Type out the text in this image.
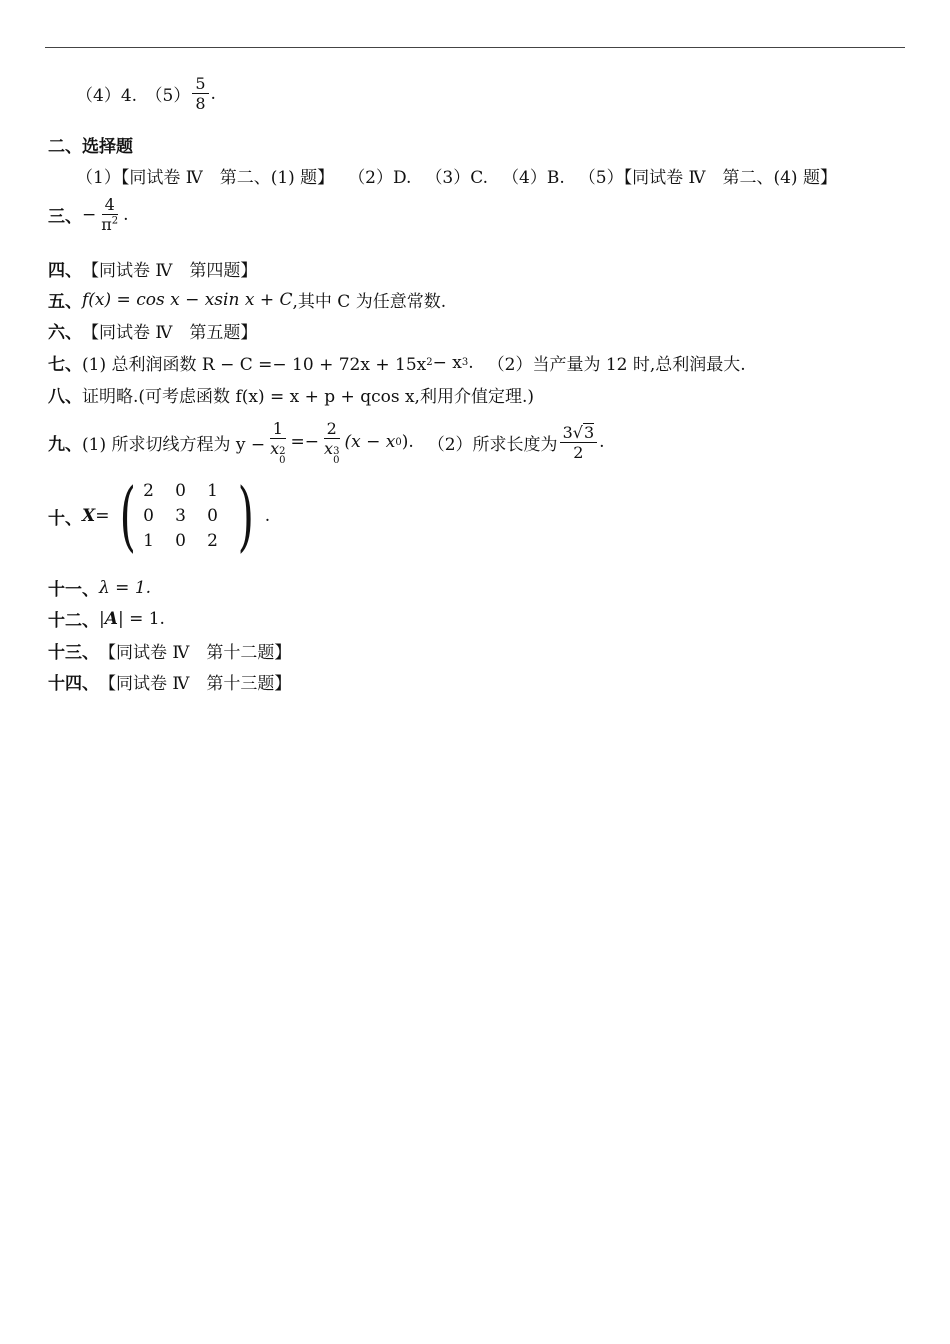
（4）4.　$(5) \frac{5}{8}$ .
二、选择题
（1）【同试卷 Ⅳ　第二、(1) 题】 （2）D. （3）C. （4）B. （5）【同试卷 Ⅳ　第二、(4) 题】
三、 − $\frac{4}{\pi^2}$ .
四、 【同试卷 Ⅳ　第四题】
五、 f (x) = cos x − xsin x + C ,其中 C 为任意常数.
六、 【同试卷 Ⅳ　第五题】
七、 (1) 总利润函数 R − C =− 10 + 72x + 15x 2 − x 3 . （2）当产量为 12 时,总利润最大.
八、 证明略.(可考虑函数 f(x) = x + p + qcos x,利用介值定理.)
九、 (1) 所求切线方程为 y − 1
x 2
0 =− 2
x 3
0 (x − x 0 ). （2）所求长度为 $\frac{3√3}{2}$ .
十、 X = ( 2	0	1
0	3	0
1	0	2 ) .
十一、 λ = 1.
十二、 | A | = 1.
十三、 【同试卷 Ⅳ　第十二题】
十四、 【同试卷 Ⅳ　第十三题】
